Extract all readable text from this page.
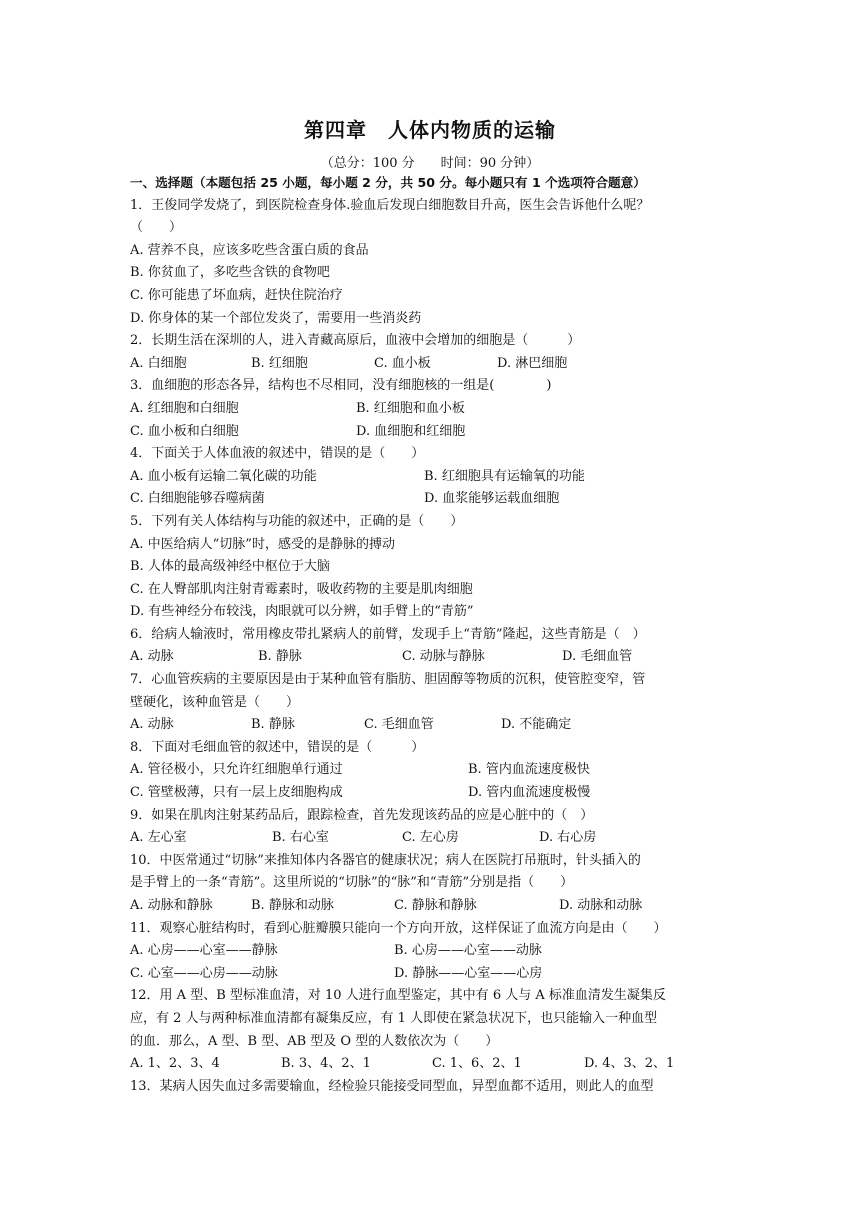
第四章　人体内物质的运输
（总分：100 分　　时间：90 分钟）
一、选择题（本题包括 25 小题，每小题 2 分，共 50 分。每小题只有 1 个选项符合题意）
1．王俊同学发烧了，到医院检查身体.验血后发现白细胞数目升高，医生会告诉他什么呢？
（　　）
A. 营养不良，应该多吃些含蛋白质的食品
B. 你贫血了，多吃些含铁的食物吧
C. 你可能患了坏血病，赶快住院治疗
D. 你身体的某一个部位发炎了，需要用一些消炎药
2．长期生活在深圳的人，进入青藏高原后，血液中会增加的细胞是（　　　）
A. 白细胞	B. 红细胞	C. 血小板	D. 淋巴细胞
3．血细胞的形态各异，结构也不尽相同，没有细胞核的一组是(　　　　)
A. 红细胞和白细胞	B. 红细胞和血小板
C. 血小板和白细胞	D. 血细胞和红细胞
4．下面关于人体血液的叙述中，错误的是（　　）
A. 血小板有运输二氧化碳的功能	B. 红细胞具有运输氧的功能
C. 白细胞能够吞噬病菌	D. 血浆能够运载血细胞
5．下列有关人体结构与功能的叙述中，正确的是（　　）
A. 中医给病人“切脉”时，感受的是静脉的搏动
B. 人体的最高级神经中枢位于大脑
C. 在人臀部肌肉注射青霉素时，吸收药物的主要是肌肉细胞
D. 有些神经分布较浅，肉眼就可以分辨，如手臂上的“青筋”
6．给病人输液时，常用橡皮带扎紧病人的前臂，发现手上“青筋”隆起，这些青筋是（　）
A. 动脉	B. 静脉	C. 动脉与静脉	D. 毛细血管
7．心血管疾病的主要原因是由于某种血管有脂肪、胆固醇等物质的沉积，使管腔变窄，管
壁硬化，该种血管是（　　）
A. 动脉	B. 静脉	C. 毛细血管	D. 不能确定
8．下面对毛细血管的叙述中，错误的是（　　　）
A. 管径极小，只允许红细胞单行通过	B. 管内血流速度极快
C. 管壁极薄，只有一层上皮细胞构成	D. 管内血流速度极慢
9．如果在肌肉注射某药品后，跟踪检查，首先发现该药品的应是心脏中的（　）
A. 左心室	B. 右心室	C. 左心房	D. 右心房
10．中医常通过“切脉”来推知体内各器官的健康状况；病人在医院打吊瓶时，针头插入的
是手臂上的一条“青筋”。这里所说的“切脉”的“脉”和“青筋”分别是指（　　）
A. 动脉和静脉	B. 静脉和动脉	C. 静脉和静脉	D. 动脉和动脉
11．观察心脏结构时，看到心脏瓣膜只能向一个方向开放，这样保证了血流方向是由（　　）
A. 心房——心室——静脉	B. 心房——心室——动脉
C. 心室——心房——动脉	D. 静脉——心室——心房
12．用 A 型、B 型标准血清，对 10 人进行血型鉴定，其中有 6 人与 A 标准血清发生凝集反
应，有 2 人与两种标准血清都有凝集反应，有 1 人即使在紧急状况下，也只能输入一种血型
的血．那么，A 型、B 型、AB 型及 O 型的人数依次为（　　）
A. 1、2、3、4	B. 3、4、2、1	C. 1、6、2、1	D. 4、3、2、1
13．某病人因失血过多需要输血，经检验只能接受同型血，异型血都不适用，则此人的血型
